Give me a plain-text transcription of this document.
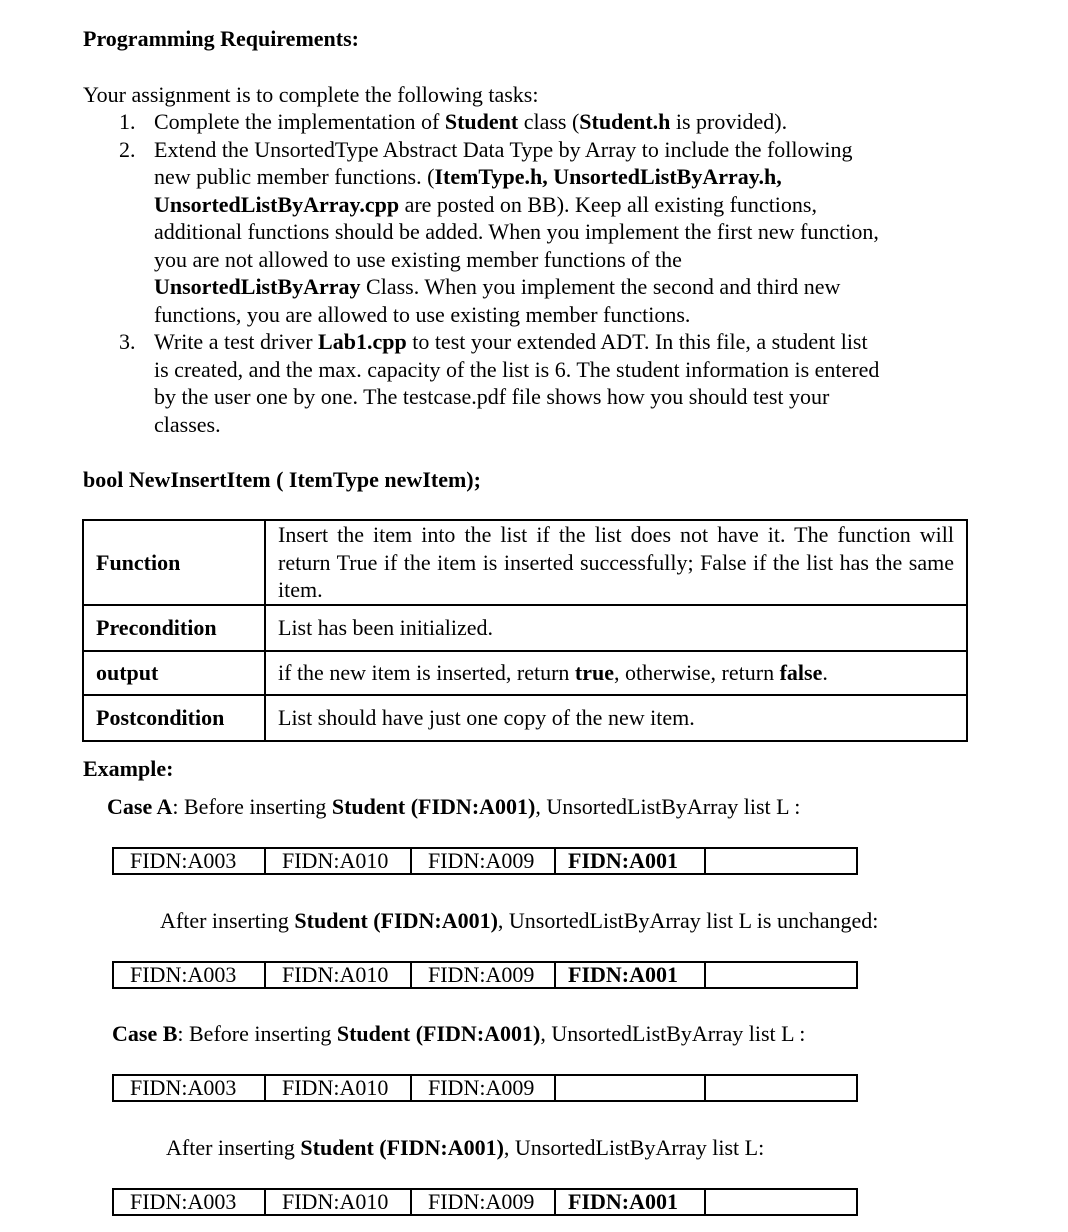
Programming Requirements:
Your assignment is to complete the following tasks:
1. Complete the implementation of Student class (Student.h is provided).
2. Extend the UnsortedType Abstract Data Type by Array to include the following
new public member functions. (ItemType.h, UnsortedListByArray.h,
UnsortedListByArray.cpp are posted on BB). Keep all existing functions,
additional functions should be added. When you implement the first new function,
you are not allowed to use existing member functions of the
UnsortedListByArray Class. When you implement the second and third new
functions, you are allowed to use existing member functions.
3. Write a test driver Lab1.cpp to test your extended ADT. In this file, a student list
is created, and the max. capacity of the list is 6. The student information is entered
by the user one by one. The testcase.pdf file shows how you should test your
classes.
bool NewInsertItem ( ItemType newItem);
Function	Insert the item into the list if the list does not have it. The function will return True if the item is inserted successfully; False if the list has the same item.
Precondition	List has been initialized.
output	if the new item is inserted, return true, otherwise, return false.
Postcondition	List should have just one copy of the new item.
Example:
Case A: Before inserting Student (FIDN:A001), UnsortedListByArray list L :
FIDN:A003	FIDN:A010	FIDN:A009	FIDN:A001
After inserting Student (FIDN:A001), UnsortedListByArray list L is unchanged:
FIDN:A003	FIDN:A010	FIDN:A009	FIDN:A001
Case B: Before inserting Student (FIDN:A001), UnsortedListByArray list L :
FIDN:A003	FIDN:A010	FIDN:A009
After inserting Student (FIDN:A001), UnsortedListByArray list L:
FIDN:A003	FIDN:A010	FIDN:A009	FIDN:A001
